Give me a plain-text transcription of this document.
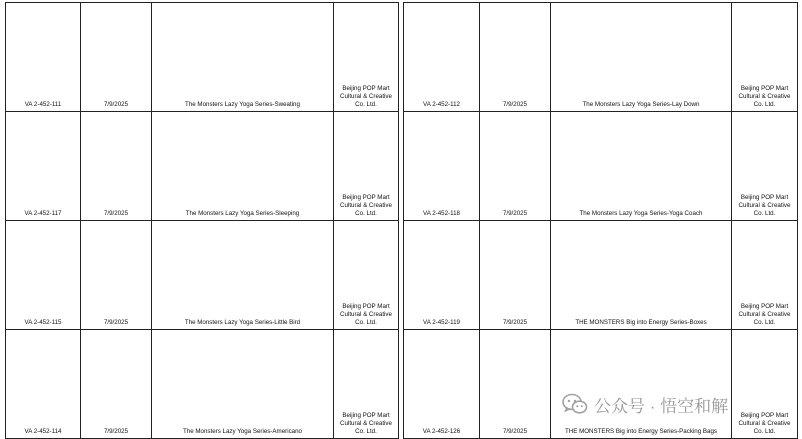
VA 2-452-111	7/9/2025	The Monsters Lazy Yoga Series-Sweating	Beijing POP Mart Cultural & Creative Co. Ltd.
VA 2-452-117	7/9/2025	The Monsters Lazy Yoga Series-Sleeping	Beijing POP Mart Cultural & Creative Co. Ltd.
VA 2-452-115	7/9/2025	The Monsters Lazy Yoga Series-Little Bird	Beijing POP Mart Cultural & Creative Co. Ltd.
VA 2-452-114	7/9/2025	The Monsters Lazy Yoga Series-Americano	Beijing POP Mart Cultural & Creative Co. Ltd.
VA 2-452-112	7/9/2025	The Monsters Lazy Yoga Series-Lay Down	Beijing POP Mart Cultural & Creative Co. Ltd.
VA 2-452-118	7/9/2025	The Monsters Lazy Yoga Series-Yoga Coach	Beijing POP Mart Cultural & Creative Co. Ltd.
VA 2-452-119	7/9/2025	THE MONSTERS Big into Energy Series-Boxes	Beijing POP Mart Cultural & Creative Co. Ltd.
VA 2-452-126	7/9/2025	THE MONSTERS Big into Energy Series-Packing Bags	Beijing POP Mart Cultural & Creative Co. Ltd.
公众号 · 悟空和解
